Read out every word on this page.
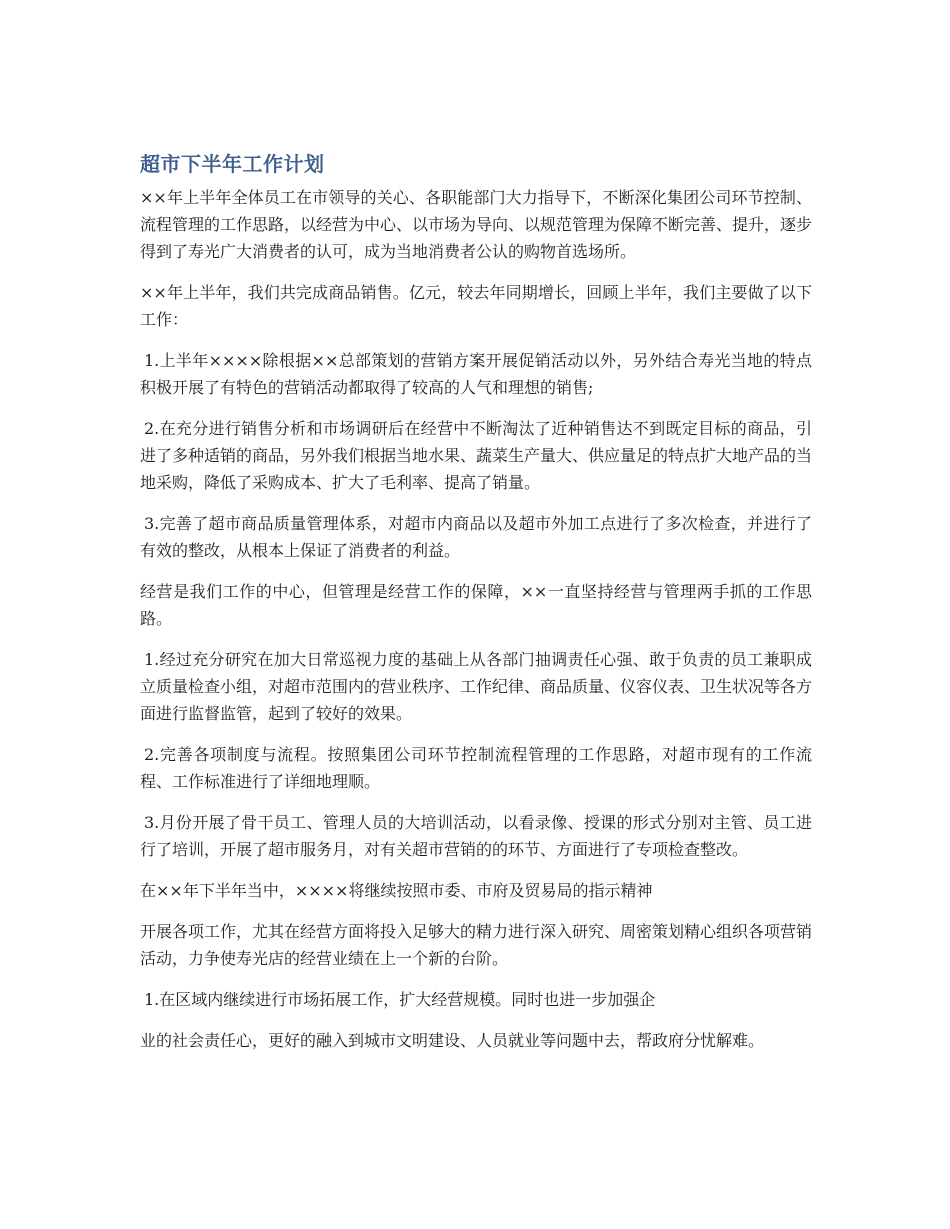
超市下半年工作计划

××年上半年全体员工在市领导的关心、各职能部门大力指导下，不断深化集团公司环节控制、流程管理的工作思路，以经营为中心、以市场为导向、以规范管理为保障不断完善、提升，逐步得到了寿光广大消费者的认可，成为当地消费者公认的购物首选场所。

××年上半年，我们共完成商品销售。亿元，较去年同期增长，回顾上半年，我们主要做了以下工作：

1.上半年××××除根据××总部策划的营销方案开展促销活动以外，另外结合寿光当地的特点积极开展了有特色的营销活动都取得了较高的人气和理想的销售;

2.在充分进行销售分析和市场调研后在经营中不断淘汰了近种销售达不到既定目标的商品，引进了多种适销的商品，另外我们根据当地水果、蔬菜生产量大、供应量足的特点扩大地产品的当地采购，降低了采购成本、扩大了毛利率、提高了销量。

3.完善了超市商品质量管理体系，对超市内商品以及超市外加工点进行了多次检查，并进行了有效的整改，从根本上保证了消费者的利益。

经营是我们工作的中心，但管理是经营工作的保障，××一直坚持经营与管理两手抓的工作思路。

1.经过充分研究在加大日常巡视力度的基础上从各部门抽调责任心强、敢于负责的员工兼职成立质量检查小组，对超市范围内的营业秩序、工作纪律、商品质量、仪容仪表、卫生状况等各方面进行监督监管，起到了较好的效果。

2.完善各项制度与流程。按照集团公司环节控制流程管理的工作思路，对超市现有的工作流程、工作标准进行了详细地理顺。

3.月份开展了骨干员工、管理人员的大培训活动，以看录像、授课的形式分别对主管、员工进行了培训，开展了超市服务月，对有关超市营销的的环节、方面进行了专项检查整改。

在××年下半年当中，××××将继续按照市委、市府及贸易局的指示精神

开展各项工作，尤其在经营方面将投入足够大的精力进行深入研究、周密策划精心组织各项营销活动，力争使寿光店的经营业绩在上一个新的台阶。

1.在区域内继续进行市场拓展工作，扩大经营规模。同时也进一步加强企

业的社会责任心，更好的融入到城市文明建设、人员就业等问题中去，帮政府分忧解难。
